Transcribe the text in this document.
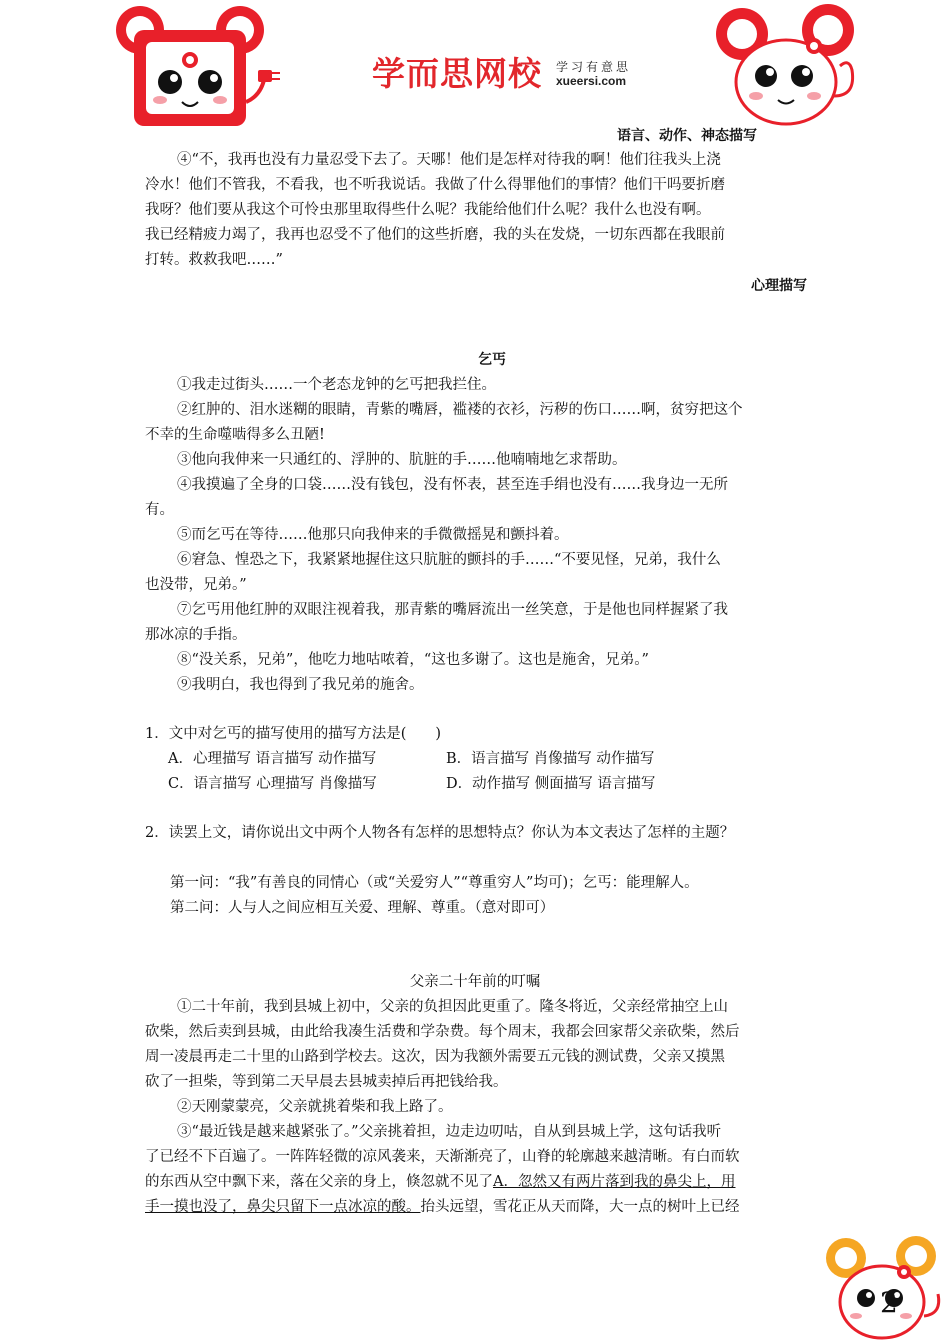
学而思网校 学习有意思
xueersi.com
语言、动作、神态描写
④“不，我再也没有力量忍受下去了。天哪！他们是怎样对待我的啊！他们往我头上浇
冷水！他们不管我，不看我，也不听我说话。我做了什么得罪他们的事情？他们干吗要折磨
我呀？他们要从我这个可怜虫那里取得些什么呢？我能给他们什么呢？我什么也没有啊。
我已经精疲力竭了，我再也忍受不了他们的这些折磨，我的头在发烧，一切东西都在我眼前
打转。救救我吧……”
心理描写
乞丐
①我走过街头……一个老态龙钟的乞丐把我拦住。
②红肿的、泪水迷糊的眼睛，青紫的嘴唇，褴褛的衣衫，污秽的伤口……啊，贫穷把这个
不幸的生命噬啮得多么丑陋!
③他向我伸来一只通红的、浮肿的、肮脏的手……他喃喃地乞求帮助。
④我摸遍了全身的口袋……没有钱包，没有怀表，甚至连手绢也没有……我身边一无所
有。
⑤而乞丐在等待……他那只向我伸来的手微微摇晃和颤抖着。
⑥窘急、惶恐之下，我紧紧地握住这只肮脏的颤抖的手……“不要见怪，兄弟，我什么
也没带，兄弟。”
⑦乞丐用他红肿的双眼注视着我，那青紫的嘴唇流出一丝笑意，于是他也同样握紧了我
那冰凉的手指。
⑧“没关系，兄弟”，他吃力地咕哝着，“这也多谢了。这也是施舍，兄弟。”
⑨我明白，我也得到了我兄弟的施舍。
1．文中对乞丐的描写使用的描写方法是(　　)
A．心理描写 语言描写 动作描写	B．语言描写 肖像描写 动作描写
C．语言描写 心理描写 肖像描写	D．动作描写 侧面描写 语言描写
2．读罢上文，请你说出文中两个人物各有怎样的思想特点？你认为本文表达了怎样的主题？
第一问：“我”有善良的同情心（或“关爱穷人”“尊重穷人”均可)；乞丐：能理解人。
第二问：人与人之间应相互关爱、理解、尊重。（意对即可）
父亲二十年前的叮嘱
①二十年前，我到县城上初中，父亲的负担因此更重了。隆冬将近，父亲经常抽空上山
砍柴，然后卖到县城，由此给我凑生活费和学杂费。每个周末，我都会回家帮父亲砍柴，然后
周一凌晨再走二十里的山路到学校去。这次，因为我额外需要五元钱的测试费，父亲又摸黑
砍了一担柴，等到第二天早晨去县城卖掉后再把钱给我。
②天刚蒙蒙亮，父亲就挑着柴和我上路了。
③“最近钱是越来越紧张了。”父亲挑着担，边走边叨咕，自从到县城上学，这句话我听
了已经不下百遍了。一阵阵轻微的凉风袭来，天渐渐亮了，山脊的轮廓越来越清晰。有白而软
的东西从空中飘下来，落在父亲的身上，倏忽就不见了A．忽然又有两片落到我的鼻尖上，用
手一摸也没了，鼻尖只留下一点冰凉的酸。抬头远望，雪花正从天而降，大一点的树叶上已经
2
